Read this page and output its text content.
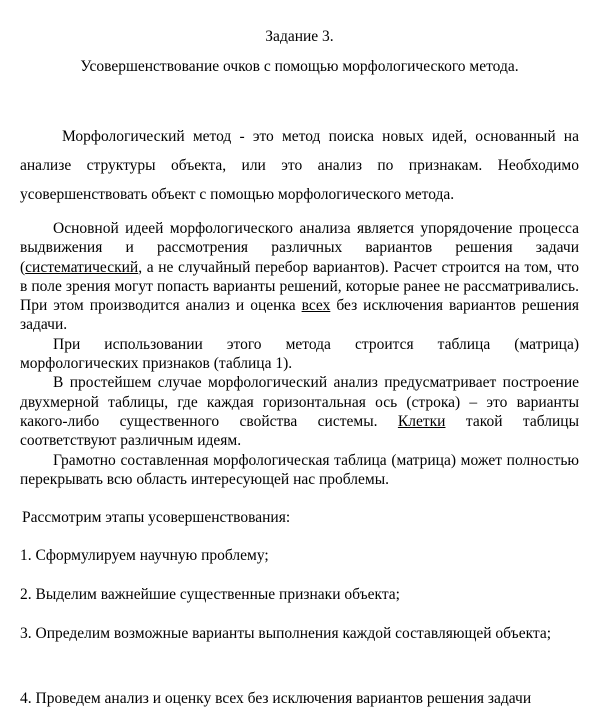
Задание 3.
Усовершенствование очков с помощью морфологического метода.
Морфологический метод - это метод поиска новых идей, основанный на анализе структуры объекта, или это анализ по признакам. Необходимо усовершенствовать объект с помощью морфологического метода.

Основной идеей морфологического анализа является упорядочение процесса выдвижения и рассмотрения различных вариантов решения задачи (систематический, а не случайный перебор вариантов). Расчет строится на том, что в поле зрения могут попасть варианты решений, которые ранее не рассматривались. При этом производится анализ и оценка всех без исключения вариантов решения задачи.

При использовании этого метода строится таблица (матрица) морфологических признаков (таблица 1).

В простейшем случае морфологический анализ предусматривает построение двухмерной таблицы, где каждая горизонтальная ось (строка) – это варианты какого-либо существенного свойства системы. Клетки такой таблицы соответствуют различным идеям.

Грамотно составленная морфологическая таблица (матрица) может полностью перекрывать всю область интересующей нас проблемы.

Рассмотрим этапы усовершенствования:
1. Сформулируем научную проблему;
2. Выделим важнейшие существенные признаки объекта;
3. Определим возможные варианты выполнения каждой составляющей объекта;
4. Проведем анализ и оценку всех без исключения вариантов решения задачи
